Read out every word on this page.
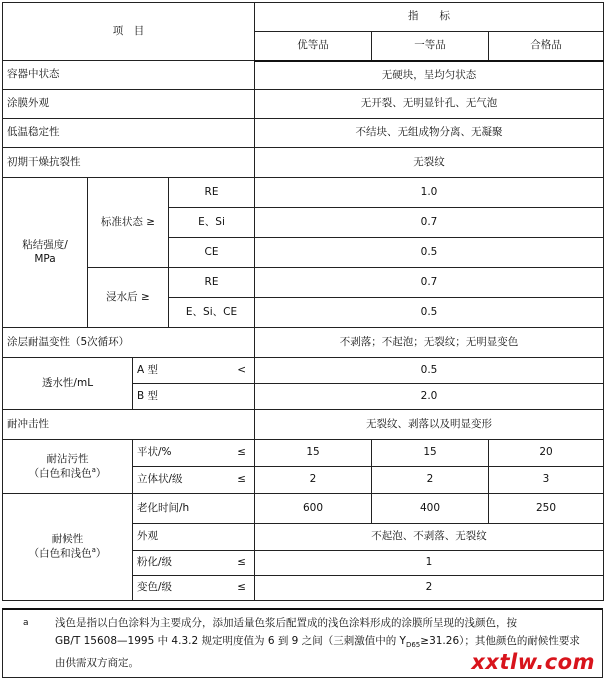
项　目				指　　标		
				优等品	一等品	合格品
容器中状态				无硬块，呈均匀状态		
涂膜外观				无开裂、无明显针孔、无气泡		
低温稳定性				不结块、无组成物分离、无凝聚		
初期干燥抗裂性				无裂纹		
粘结强度/
MPa	标准状态 ≥		RE	1.0		
			E、Si	0.7		
			CE	0.5		
	浸水后 ≥		RE	0.7		
			E、Si、CE	0.5		
涂层耐温变性（5次循环）				不剥落；不起泡；无裂纹；无明显变色		
透水性/mL		A 型 <		0.5		
		B 型		2.0		
耐冲击性				无裂纹、剥落以及明显变形		
耐沾污性
（白色和浅色$^a$）		平状/% ≤		15	15	20
		立体状/级 ≤		2	2	3
耐候性
（白色和浅色$^a$）		老化时间/h		600	400	250
		外观		不起泡、不剥落、无裂纹		
		粉化/级 ≤		1		
		变色/级 ≤		2		
a	浅色是指以白色涂料为主要成分，添加适量色浆后配置成的浅色涂料形成的涂膜所呈现的浅颜色，按
GB/T 15608—1995 中 4.3.2 规定明度值为 6 到 9 之间（三刺激值中的 $Y_{D65}\ge 31.26$）；其他颜色的耐候性要求
由供需双方商定。	xxtlw.com
